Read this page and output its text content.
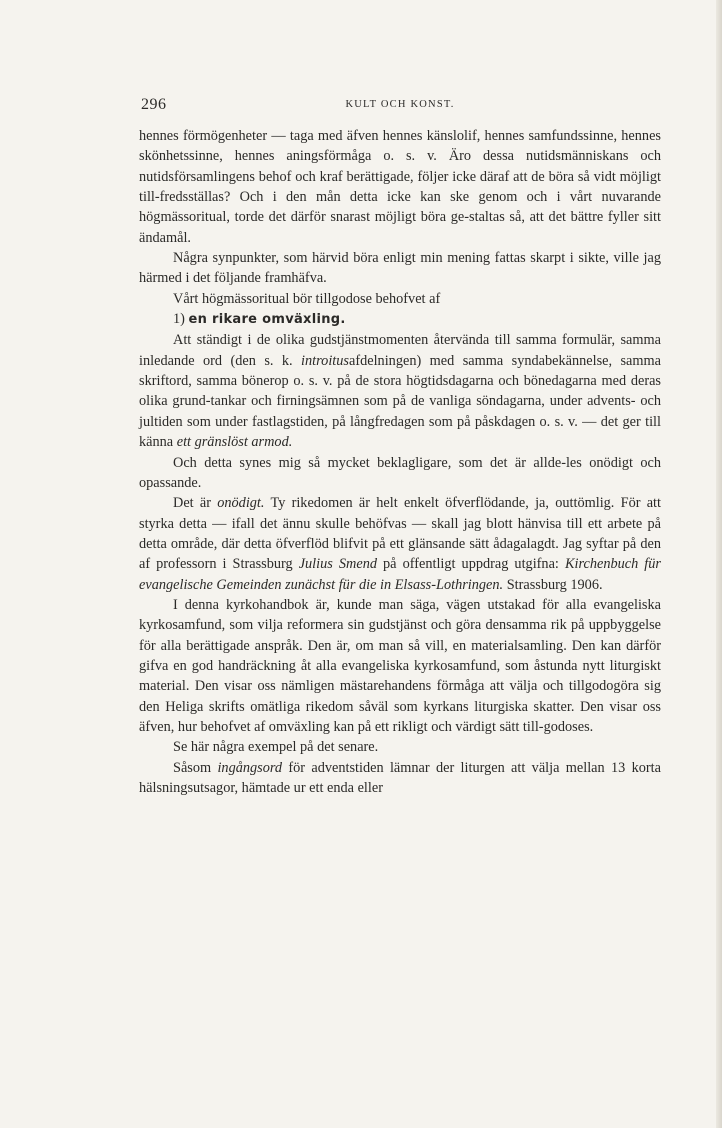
296	KULT OCH KONST.

hennes förmögenheter — taga med äfven hennes känslolif, hennes samfundssinne, hennes skönhetssinne, hennes aningsförmåga o. s. v. Äro dessa nutidsmänniskans och nutidsförsamlingens behof och kraf berättigade, följer icke däraf att de böra så vidt möjligt till-fredsställas? Och i den mån detta icke kan ske genom och i vårt nuvarande högmässoritual, torde det därför snarast möjligt böra ge-staltas så, att det bättre fyller sitt ändamål.

Några synpunkter, som härvid böra enligt min mening fattas skarpt i sikte, ville jag härmed i det följande framhäfva.

Vårt högmässoritual bör tillgodose behofvet af

1) en rikare omväxling.

Att ständigt i de olika gudstjänstmomenten återvända till samma formulär, samma inledande ord (den s. k. introitusafdelningen) med samma syndabekännelse, samma skriftord, samma bönerop o. s. v. på de stora högtidsdagarna och bönedagarna med deras olika grund-tankar och firningsämnen som på de vanliga söndagarna, under advents- och jultiden som under fastlagstiden, på långfredagen som på påskdagen o. s. v. — det ger till känna ett gränslöst armod.

Och detta synes mig så mycket beklagligare, som det är allde-les onödigt och opassande.

Det är onödigt. Ty rikedomen är helt enkelt öfverflödande, ja, outtömlig. För att styrka detta — ifall det ännu skulle behöfvas — skall jag blott hänvisa till ett arbete på detta område, där detta öfverflöd blifvit på ett glänsande sätt ådagalagdt. Jag syftar på den af professorn i Strassburg Julius Smend på offentligt uppdrag utgifna: Kirchenbuch für evangelische Gemeinden zunächst für die in Elsass-Lothringen. Strassburg 1906.

I denna kyrkohandbok är, kunde man säga, vägen utstakad för alla evangeliska kyrkosamfund, som vilja reformera sin gudstjänst och göra densamma rik på uppbyggelse för alla berättigade anspråk. Den är, om man så vill, en materialsamling. Den kan därför gifva en god handräckning åt alla evangeliska kyrkosamfund, som åstunda nytt liturgiskt material. Den visar oss nämligen mästarehandens förmåga att välja och tillgodogöra sig den Heliga skrifts omätliga rikedom såväl som kyrkans liturgiska skatter. Den visar oss äfven, hur behofvet af omväxling kan på ett rikligt och värdigt sätt till-godoses.

Se här några exempel på det senare.

Såsom ingångsord för adventstiden lämnar der liturgen att välja mellan 13 korta hälsningsutsagor, hämtade ur ett enda eller
